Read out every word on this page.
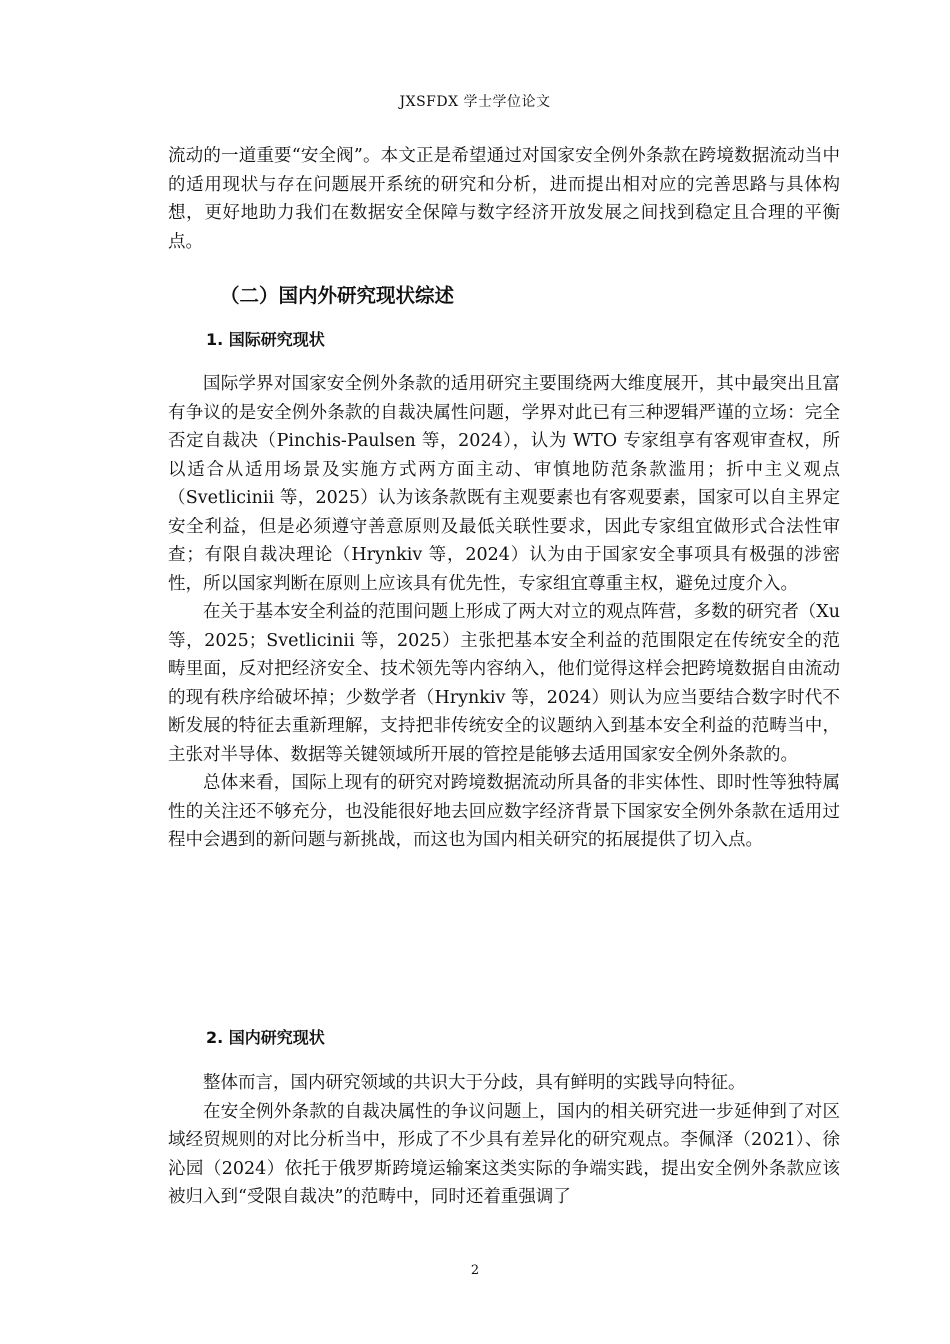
JXSFDX 学士学位论文

流动的一道重要“安全阀”。本文正是希望通过对国家安全例外条款在跨境数据流动当中的适用现状与存在问题展开系统的研究和分析，进而提出相对应的完善思路与具体构想，更好地助力我们在数据安全保障与数字经济开放发展之间找到稳定且合理的平衡点。

（二）国内外研究现状综述
1. 国际研究现状

国际学界对国家安全例外条款的适用研究主要围绕两大维度展开，其中最突出且富有争议的是安全例外条款的自裁决属性问题，学界对此已有三种逻辑严谨的立场：完全否定自裁决（Pinchis-Paulsen 等，2024），认为 WTO 专家组享有客观审查权，所以适合从适用场景及实施方式两方面主动、审慎地防范条款滥用；折中主义观点（Svetlicinii 等，2025）认为该条款既有主观要素也有客观要素，国家可以自主界定安全利益，但是必须遵守善意原则及最低关联性要求，因此专家组宜做形式合法性审查；有限自裁决理论（Hrynkiv 等，2024）认为由于国家安全事项具有极强的涉密性，所以国家判断在原则上应该具有优先性，专家组宜尊重主权，避免过度介入。

在关于基本安全利益的范围问题上形成了两大对立的观点阵营，多数的研究者（Xu 等，2025；Svetlicinii 等，2025）主张把基本安全利益的范围限定在传统安全的范畴里面，反对把经济安全、技术领先等内容纳入，他们觉得这样会把跨境数据自由流动的现有秩序给破坏掉；少数学者（Hrynkiv 等，2024）则认为应当要结合数字时代不断发展的特征去重新理解，支持把非传统安全的议题纳入到基本安全利益的范畴当中，主张对半导体、数据等关键领域所开展的管控是能够去适用国家安全例外条款的。

总体来看，国际上现有的研究对跨境数据流动所具备的非实体性、即时性等独特属性的关注还不够充分，也没能很好地去回应数字经济背景下国家安全例外条款在适用过程中会遇到的新问题与新挑战，而这也为国内相关研究的拓展提供了切入点。

2. 国内研究现状

整体而言，国内研究领域的共识大于分歧，具有鲜明的实践导向特征。

在安全例外条款的自裁决属性的争议问题上，国内的相关研究进一步延伸到了对区域经贸规则的对比分析当中，形成了不少具有差异化的研究观点。李佩泽（2021）、徐沁园（2024）依托于俄罗斯跨境运输案这类实际的争端实践，提出安全例外条款应该被归入到“受限自裁决”的范畴中，同时还着重强调了

2
